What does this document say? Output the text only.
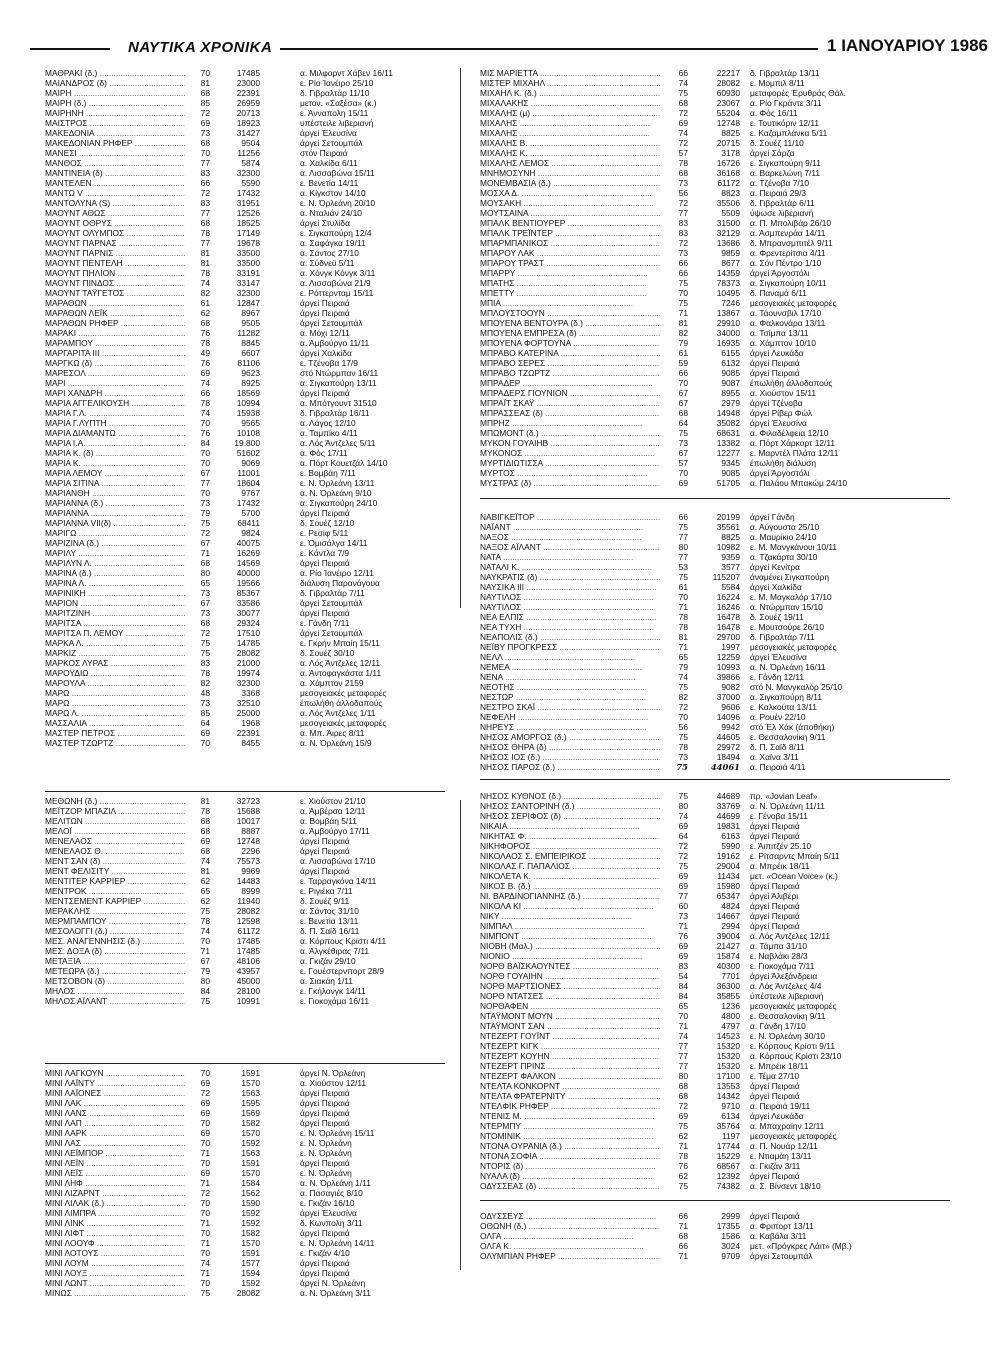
ΝΑΥΤΙΚΑ ΧΡΟΝΙΚΑ	1 ΙΑΝΟΥΑΡΙΟΥ 1986
ΜΑΘΡΑΚΙ (δ.) .....	70	17485	α. Μιλφορντ Χάβεν 16/11
ΜΑΙΑΝΔΡΟΣ (δ) .....	81	23000	ε. Ρίο Ίανέιρο 25/10
ΜΑΙΡΗ .....	68	22391	δ. Γιβραλτάρ 11/10
ΜΑΙΡΗ (δ.) .....	85	26959	μετον. «Σαξέσα» (κ.)
ΜΑΙΡΗΝΗ .....	72	20713	ε. Άνναπολη 15/11
ΜΑΙΣΤΡΟΣ .....	69	18923	υπέστειλε λιβεριανή
ΜΑΚΕΔΟΝΙΑ .....	73	31427	άργεί Έλευσίνα
ΜΑΚΕΔΟΝΙΑΝ ΡΗΦΕΡ .....	68	9504	άργεί Σετουμπάλ
ΜΑΝΕΣΙ .....	70	11256	στόν Πειραιά
ΜΑΝΘΟΣ .....	77	5874	α. Χαλκίδα 6/11
ΜΑΝΤΙΝΕΙΑ (δ) .....	83	32300	α. Λισσαβώνα 15/11
ΜΑΝΤΕΛΕΝ .....	66	5590	ε. Βενετία 14/11
ΜΑΝΤΩ V .....	72	17432	α. Κίγκστον 14/10
ΜΑΝΤΟΛΥΝΑ (S) .....	83	31951	ε. Ν. Όρλεάνη 20/10
ΜΑΟΥΝΤ ΑΘΩΣ .....	77	12526	α. Νταλιάν 24/10
ΜΑΟΥΝΤ ΟΘΡΥΣ .....	68	18525	άργεί Στυλίδα
ΜΑΟΥΝΤ ΟΛΥΜΠΟΣ .....	78	17149	ε. Σιγκαπούρη 12/4
ΜΑΟΥΝΤ ΠΑΡΝΑΣ .....	77	19678	α. Σαφάγκα 19/11
ΜΑΟΥΝΤ ΠΑΡΝΙΣ .....	81	33500	α. Σάντος 27/10
ΜΑΟΥΝΤ ΠΕΝΤΕΛΗ .....	81	33500	α. Σύδνεϋ 5/11
ΜΑΟΥΝΤ ΠΗΛΙΟΝ .....	78	33191	α. Χόνγκ Κόνγκ 3/11
ΜΑΟΥΝΤ ΠΙΝΔΟΣ .....	74	33147	α. Λισσαβώνα 21/9
ΜΑΟΥΝΤ ΤΑΫΓΕΤΟΣ .....	82	32300	ε. Ρόττερνταμ 15/11
ΜΑΡΑΘΩΝ .....	61	12847	άργεί Πειραιά
ΜΑΡΑΘΩΝ ΛΕΪΚ .....	62	8967	άργεί Πειραιά
ΜΑΡΑΘΩΝ ΡΗΦΕΡ .....	68	9505	άργεί Σετουμπάλ
ΜΑΡΑΚΙ .....	76	11282	α. Μόχι 12/11
ΜΑΡΑΜΠΟΥ .....	78	8845	α. Άμβούργο 11/11
ΜΑΡΓΑΡΙΤΑ ΙΙΙ .....	49	6607	άργεί Χαλκίδα
ΜΑΡΓΚΩ (δ) .....	76	81106	ε. Τζένοβα 17/9
ΜΑΡΕΣΟΛ .....	69	9623	στό Ντώρμπαν 16/11
ΜΑΡΙ .....	74	8925	α. Σιγκαπούρη 13/11
ΜΑΡΙ ΧΑΝΔΡΗ .....	66	18569	άργεί Πειραιά
ΜΑΡΙΑ ΑΓΓΕΛΙΚΟΥΣΗ .....	78	10994	α. Μπότγουντ 31510
ΜΑΡΙΑ Γ.Λ. .....	74	15938	δ. Γιβραλτάρ 16/11
ΜΑΡΙΑ Γ.ΛΥΠΤΗ .....	70	9565	α. Λάγος 12/10
ΜΑΡΙΑ ΔΙΑΜΑΝΤΩ .....	76	10108	α. Ταμπίκο 4/11
ΜΑΡΙΑ Ι.Α. .....	84	19.800	α. Λός Άντζελες 5/11
ΜΑΡΙΑ Κ. (δ) .....	70	51602	α. Φός 17/11
ΜΑΡΙΑ Κ. .....	70	9069	α. Πόρτ Κουετζάλ 14/10
ΜΑΡΙΑ ΛΕΜΟΥ .....	67	11001	ε. Βομβάη 7/11
ΜΑΡΙΑ ΣΙΤΙΝΑ .....	77	18604	ε. Ν. Όρλεάνη 13/11
ΜΑΡΙΑΝΘΗ .....	70	9767	α. Ν. Όρλεάνη 9/10
ΜΑΡΙΑΝΝΑ (δ.) .....	73	17432	α. Σιγκαπούρη 24/10
ΜΑΡΙΑΝΝΑ .....	79	5700	άργεί Πειραιά
ΜΑΡΙΑΝΝΑ VII(δ) .....	75	68411	δ. Σουέζ 12/10
ΜΑΡΙΓΩ .....	72	9824	ε. Ρεσίφ 5/11
ΜΑΡΙΖΙΝΑ (δ.) .....	67	40075	ε. Όμισάλγα 14/11
ΜΑΡΙΛΥ .....	71	16269	ε. Κάντλα 7/9
ΜΑΡΙΛΥΝ Λ. .....	68	14569	άργεί Πειραιά
ΜΑΡΙΝΑ (δ.) .....	80	40000	α. Ρίο Ίανέιρο 12/11
ΜΑΡΙΝΑ Λ. .....	65	19566	διάλυση Παρανάγουα
ΜΑΡΙΝΙΚΗ .....	73	85367	δ. Γιβραλτάρ 7/11
ΜΑΡΙΟΝ .....	67	33586	άργεί Σετουμπάλ
ΜΑΡΙΤΖΙΝΗ .....	73	30077	άργεί Πειραιά
ΜΑΡΙΤΣΑ .....	68	29324	ε. Γάνδη 7/11
ΜΑΡΙΤΣΑ Π. ΛΕΜΟΥ .....	72	17510	άργεί Σετουμπάλ
ΜΑΡΚΑ Λ. .....	75	14785	ε. Γκρήν Μπαίη 15/11
ΜΑΡΚΙΖ .....	75	28082	δ. Σουέζ 30/10
ΜΑΡΚΟΣ ΛΥΡΑΣ .....	83	21000	α. Λός Άντζελες 12/11
ΜΑΡΟΥΔΙΩ .....	78	19974	α. Άντοφαγκάστα 1/11
ΜΑΡΟΥΛΑ .....	82	32300	α. Χάμπτον 2159
ΜΑΡΩ .....	48	3368	μεσογειακές μεταφορές
ΜΑΡΩ .....	73	32510	έπωλήθη άλλοδαπούς
ΜΑΡΩ Λ. .....	85	25000	α. Λός Άντζελες 1/11
ΜΑΣΣΑΛΙΑ .....	64	1968	μεσογειακές μεταφορές
ΜΑΣΤΕΡ ΠΕΤΡΟΣ .....	69	22391	α. Μπ. Άιρες 8/11
ΜΑΣΤΕΡ ΤΖΩΡΤΖ .....	70	8455	α. Ν. Όρλεάνη 15/9
ΜΕΘΩΝΗ (δ.) .....	81	32723	ε. Χιούστον 21/10
ΜΕΪΤΖΟΡ ΜΠΑΖΙΛ .....	78	15688	α. Άμβέρσα 12/11
ΜΕΛΙΤΩΝ .....	68	10017	α. Βομβάη 5/11
ΜΕΛΟΪ .....	68	8887	α. Άμβούργο 17/11
ΜΕΝΕΛΑΟΣ .....	69	12748	άργεί Πειραιά
ΜΕΝΕΛΑΟΣ Θ. .....	68	2296	άργεί Πειραιά
ΜΕΝΤ ΣΑΝ (δ) .....	74	75573	α. Λισσαβώνα 17/10
ΜΕΝΤ ΦΕΛΙΣΙΤΥ .....	81	9969	άργεί Πειραιά
ΜΕΝΤΙΤΕΡ ΚΑΡΡΙΕΡ .....	62	14483	ε. Ταρραγκόνα 14/11
ΜΕΝΤΡΟΚ .....	65	8999	ε. Ριγιέκα 7/11
ΜΕΝΤΣΕΜΕΝΤ ΚΑΡΡΙΕΡ .....	62	11940	δ. Σουέζ 9/11
ΜΕΡΑΚΛΗΣ .....	75	28082	α. Σάντος 31/10
ΜΕΡΜΠΑΜΠΟΥ .....	78	12598	ε. Βενετία 13/11
ΜΕΣΟΛΟΓΓΙ (δ.) .....	74	61172	δ. Π. Σαϊδ 16/11
ΜΕΣ. ΑΝΑΓΕΝΝΗΣΙΣ (δ.) .....	70	17485	α. Κόρπους Κρίστι 4/11
ΜΕΣ. ΔΟΞΑ (δ) .....	71	17485	α. Άλγκέθιρας 7/11
ΜΕΤΑΞΙΑ .....	67	48106	α. Γκιζάν 29/10
ΜΕΤΕΩΡΑ (δ.) .....	79	43957	ε. Γουέστερνπορτ 28/9
ΜΕΤΣΟΒΟΝ (δ) .....	80	45000	α. Σιακάη 1/11
ΜΗΛΟΣ .....	84	28100	ε. Γκήλονγκ 14/11
ΜΗΛΟΣ ΑΪΛΑΝΤ .....	75	10991	ε. Γιοκοχάμα 16/11
ΜΙΝΙ ΛΑΓΚΟΥΝ .....	70	1591	άργεί Ν. Όρλεάνη
ΜΙΝΙ ΛΑΪΝΤΥ .....	69	1570	α. Χιούστον 12/11
ΜΙΝΙ ΛΑΪΟΝΕΣ .....	72	1563	άργεί Πειραιά
ΜΙΝΙ ΛΑΚ .....	69	1595	άργεί Πειραιά
ΜΙΝΙ ΛΑΝΣ .....	69	1569	άργεί Πειραιά
ΜΙΝΙ ΛΑΠ .....	70	1582	άργεί Πειραιά
ΜΙΝΙ ΛΑΡΚ .....	69	1570	ε. Ν. Όρλεάνη 15/11
ΜΙΝΙ ΛΑΣ .....	70	1592	ε. Ν. Όρλεάνη
ΜΙΝΙ ΛΕΪΜΠΟΡ .....	71	1563	ε. Ν. Όρλεάνη
ΜΙΝΙ ΛΕΪΝ .....	70	1591	άργεί Πειραιά
ΜΙΝΙ ΛΕΪΣ .....	69	1570	ε. Ν. Όρλεάνη
ΜΙΝΙ ΛΗΦ .....	71	1584	α. Ν. Όρλεάνη 1/11
ΜΙΝΙ ΛΙΖΑΡΝΤ .....	72	1562	α. Πασαγιές 8/10
ΜΙΝΙ ΛΙΛΑΚ (δ.) .....	70	1590	ε. Γκιζάν 16/10
ΜΙΝΙ ΛΙΜΠΡΑ .....	70	1592	άργεί Έλευσίνα
ΜΙΝΙ ΛΙΝΚ .....	71	1592	δ. Κωνπολη 3/11
ΜΙΝΙ ΛΙΦΤ .....	70	1582	άργεί Πειραιά
ΜΙΝΙ ΛΟΟΥΦ .....	71	1570	ε. Ν. Όρλεάνη 14/11
ΜΙΝΙ ΛΟΤΟΥΣ .....	70	1591	ε. Γκιζάν 4/10
ΜΙΝΙ ΛΟΥΜ .....	74	1577	άργεί Πειραιά
ΜΙΝΙ ΛΟΥΞ .....	71	1594	άργεί Πειραιά
ΜΙΝΙ ΛΩΝΤ .....	70	1592	άργεί Ν. Όρλεάνη
ΜΙΝΩΣ .....	75	28082	α. Ν. Όρλεάνη 3/11
ΜΙΣ ΜΑΡΙΕΤΤΑ .....	66	22217 δ. Γιβραλτάρ 13/11
ΜΙΣΤΕΡ ΜΙΧΑΗΛ .....	74	28082 ε. Μομπιλ 8/11
ΜΙΧΑΗΛ Κ. (δ.) .....	75	60930 μεταφορές Έρυθράς Θάλ.
ΜΙΧΑΛΑΚΗΣ .....	68	23067 α. Ρίο Γκράντε 3/11
ΜΙΧΑΛΗΣ (μ) .....	72	55204 α. Φός 16/11
ΜΙΧΑΛΗΣ .....	69	12748 ε. Τουτικόριν 12/11
ΜΙΧΑΛΗΣ .....	74	8825 ε. Καζαμπλάνκα 5/11
ΜΙΧΑΛΗΣ Β. .....	72	20715 δ. Σουέζ 11/10
ΜΙΧΑΛΗΣ Κ. .....	57	3178 άργεί Σάρζα
ΜΙΧΑΛΗΣ ΛΕΜΟΣ .....	78	16726 ε. Σιγκαπούρη 9/11
ΜΝΗΜΟΣΥΝΗ .....	68	36168 α. Βαρκελώνη 7/11
ΜΟΝΕΜΒΑΣΙΑ (δ.) .....	73	61172 α. Τζένοβα 7/10
ΜΟΣΧΑ Δ. .....	56	8823 α. Πειραιά 29/3
ΜΟΥΣΑΚΗ .....	72	35506 δ. Γιβραλτάρ 6/11
ΜΟΥΤΣΑΙΝΑ .....	77	5509 ύψωσε λιβεριανή
ΜΠΑΛΚ ΒΕΝΤΙΟΥΡΕΡ .....	83	31500 α. Π. Μπολιβάρ 26/10
ΜΠΑΛΚ ΤΡΕΪΝΤΕΡ .....	83	32129 α. Άσμπενράα 14/11
ΜΠΑΡΜΠΑΝΙΚΟΣ .....	72	13686 δ. Μπρανσμπιτέλ 9/11
ΜΠΑΡΟΥ ΛΑΚ .....	73	9859 α. Φρεντερίτσια 4/11
ΜΠΑΡΟΥ ΤΡΑΣΤ .....	66	8677 α. Σόν Πέντρο 1/10
ΜΠΑΡΡΥ .....	66	14359 άργεί Άργοστόλι
ΜΠΑΤΗΣ .....	75	78373 α. Σιγκαπούρη 10/11
ΜΠΕΤΤΥ .....	70	10495 δ. Παναμά 6/11
ΜΠΙΑ .....	75	7246 μεσογειακές μεταφορές
ΜΠΛΟΥΣΤΟΟΥΝ .....	71	13867 α. Τάουνσβιλ 17/10
ΜΠΟΥΕΝΑ ΒΕΝΤΟΥΡΑ (δ.) .....	81	29910 α. Φαλκονάρα 13/11
ΜΠΟΥΕΝΑ ΕΜΠΡΕΣΑ (δ) .....	82	34000 α. Τσίμπα 13/11
ΜΠΟΥΕΝΑ ΦΟΡΤΟΥΝΑ .....	79	16935 α. Χάμπτον 10/10
ΜΠΡΑΒΟ ΚΑΤΕΡΙΝΑ .....	61	6155 άργεί Λευκάδα
ΜΠΡΑΒΟ ΣΕΡΕΣ .....	59	6132 άργεί Πειραιά
ΜΠΡΑΒΟ ΤΖΩΡΤΖ .....	66	9085 άργεί Πειραιά
ΜΠΡΑΔΕΡ .....	70	9087 έπωλήθη άλλοδαπούς
ΜΠΡΑΔΕΡΣ ΓΙΟΥΝΙΟΝ .....	67	8955 α. Χιούστον 15/11
ΜΠΡΑΪΤ ΣΚΑΫ .....	67	2979 άργεί Τζένοβα
ΜΠΡΑΣΣΕΑΣ (δ) .....	68	14948 άργεί Ρίβερ Φώλ
ΜΠΡΗΖ .....	64	35082 άργεί Έλευσίνα
ΜΠΩΜΟΝΤ (δ.) .....	75	68631 α. Φιλαδέλφεια 12/10
ΜΥΚΟΝ ΓΟΥΑΙΗΒ .....	73	13382 α. Πόρτ Χάρκορτ 12/11
ΜΥΚΟΝΟΣ .....	67	12277 ε. Μαρντέλ Πλάτα 12/11
ΜΥΡΤΙΔΙΩΤΙΣΣΑ .....	57	9345 έπωλήθη διάλυση
ΜΥΡΤΟΣ .....	70	9085 άργεί Άργοστόλι
ΜΥΣΤΡΑΣ (δ) .....	69	51705 α. Παλάου Μπακώμ 24/10
ΝΑΒΙΓΚΕΪΤΟΡ .....	66	20199 άργεί Γάνδη
ΝΑΪΑΝΤ .....	75	35561 α. Αύγουστα 25/10
ΝΑΞΟΣ .....	77	8825 α. Μαυρίκιο 24/10
ΝΑΞΟΣ ΑΪΛΑΝΤ .....	80	10982 ε. Μ. Μανγκάνουι 10/11
ΝΑΤΑ .....	77	9359 α. Τζακάρτα 30/10
ΝΑΤΑΛΙ Κ. .....	53	3577 άργεί Κενίτρα
ΝΑΥΚΡΑΤΙΣ (δ) .....	75	115207 άναμένει Σιγκαπούρη
ΝΑΥΣΙΚΑ ΙΙΙ .....	61	5584 άργεί Χαλκίδα
ΝΑΥΤΙΛΟΣ .....	70	16224 ε. Μ. Μαγκαλόρ 17/10
ΝΑΥΤΙΛΟΣ .....	71	16246 α. Ντώρμπαν 15/10
ΝΕΑ ΕΛΠΙΣ .....	78	16478 δ. Σουέζ 19/11
ΝΕΑ ΤΥΧΗ .....	78	16478 ε. Μουτσούρε 26/10
ΝΕΑΠΟΛΙΣ (δ.) .....	81	29700 δ. Γιβραλτάρ 7/11
ΝΕΪΒΥ ΠΡΟΓΚΡΕΣΣ .....	71	1997 μεσογειακές μεταφορές
ΝΕΛΛ .....	65	12259 άργεί Έλευσίνα
ΝΕΜΕΑ .....	79	10993 α. Ν. Όρλεάνη 16/11
ΝΕΝΑ .....	74	39866 ε. Γάνδη 12/11
ΝΕΟΤΗΣ .....	75	9082 στό Ν. Μανγκαλόρ 25/10
ΝΕΣΤΩΡ .....	82	37000 α. Σιγκαπούρη 8/11
ΝΕΣΤΡΟ ΣΚΑΪ .....	72	9606 ε. Καλκούτα 13/11
ΝΕΦΕΛΗ .....	70	14096 α. Ρουέν 22/10
ΝΗΡΕΥΣ .....	56	9942 στό Έλ Χάκ (άποθήκη)
ΝΗΣΟΣ ΑΜΟΡΓΟΣ (δ.) .....	75	44605 ε. Θεσσαλονίκη 9/11
ΝΗΣΟΣ ΘΗΡΑ (δ) .....	78	29972 δ. Π. Σαϊδ 8/11
ΝΗΣΟΣ ΙΟΣ (δ.) .....	73	18494 α. Χαϊνα 3/11
ΝΗΣΟΣ ΠΑΡΟΣ (δ.) .....	75	44061 α. Πειραιά 4/11
ΝΗΣΟΣ ΚΥΘΝΟΣ (δ.) .....	75	44689 πρ. «Jovian Leaf»
ΝΗΣΟΣ ΣΑΝΤΟΡΙΝΗ (δ.) .....	80	33769 α. Ν. Όρλεάνη 11/11
ΝΗΣΟΣ ΣΕΡΙΦΟΣ (δ) .....	74	44699 ε. Γένοβα 15/11
ΝΙΚΑΙΑ .....	69	19831 άργεί Πειραιά
ΝΙΚΗΤΑΣ Φ. .....	64	6163 άργεί Πειραιά
ΝΙΚΗΦΟΡΟΣ .....	72	5990 ε. Άιπιτζέν 25.10
ΝΙΚΟΛΑΟΣ Σ. ΕΜΠΕΙΡΙΚΟΣ .....	72	19162 ε. Ρίτσαρντς Μπαίη 5/11
ΝΙΚΟΛΑΣ Γ. ΠΑΠΑΛΙΟΣ .....	75	29004 α. Μπρέικ 18/11
ΝΙΚΟΛΕΤΑ Κ. .....	69	11434 μετ. «Ocean Voice» (κ.)
ΝΙΚΟΣ Β. (δ.) .....	69	15980 άργεί Πειραιά
ΝΙ. ΒΑΡΔΙΝΟΓΙΑΝΝΗΣ (δ.) .....	77	65347 άργεί Άλιβέρι
ΝΙΚΟΛΑ ΚΙ .....	60	4824 άργεί Πειραιά
ΝΙΚΥ .....	73	14667 άργεί Πειραιά
ΝΙΜΠΑΛ .....	71	2994 άργεί Πειραιά
ΝΙΜΠΟΝΤ .....	76	39004 α. Λός Άντζελες 12/11
ΝΙΟΒΗ (Μαλ.) .....	69	21427 α. Τάμπα 31/10
ΝΙΟΝΙΟ .....	69	15874 ε. Ναβλάκι 28/3
ΝΟΡΘ ΒΑΪΣΚΑΟΥΝΤΕΣ .....	83	40300 ε. Γιοκοχάμα 7/11
ΝΟΡΘ ΓΟΥΑΙΗΝ .....	54	7701 άργεί Άλεξάνδρεια
ΝΟΡΘ ΜΑΡΤΣΙΟΝΕΣ .....	84	36300 α. Λός Άντζελες 4/4
ΝΟΡΘ ΝΤΑΤΣΕΣ .....	84	35855 ύπέστειλε λιβεριανή
ΝΟΡΘΑΦΕΝ .....	65	1236 μεσογειακές μεταφορές
ΝΤΑΫΜΟΝΤ ΜΟΥΝ .....	70	4800 ε. Θεσσαλονίκη 9/11
ΝΤΑΫΜΟΝΤ ΣΑΝ .....	71	4797 α. Γάνδη 17/10
ΝΤΕΖΕΡΤ ΓΟΥΪΝΤ .....	74	14523 ε. Ν. Όρλεάνη 30/10
ΝΤΕΖΕΡΤ ΚΙΓΚ .....	77	15320 ε. Κόρπους Κρίστι 9/11
ΝΤΕΖΕΡΤ ΚΟΥΗΝ .....	77	15320 α. Κόρπους Κρίστι 23/10
ΝΤΕΖΕΡΤ ΠΡΙΝΣ .....	77	15320 ε. Μπρέικ 18/11
ΝΤΕΖΕΡΤ ΦΑΛΚΟΝ .....	80	17100 ε. Τέμα 27/10
ΝΤΕΛΤΑ ΚΟΝΚΟΡΝΤ .....	68	13553 άργεί Πειραιά
ΝΤΕΛΤΑ ΦΡΑΤΕΡΝΙΤΥ .....	68	14342 άργεί Πειραιά
ΝΤΕΛΦΙΚ ΡΗΦΕΡ .....	72	9710 α. Πειραιά 19/11
ΝΤΕΝΙΣ Μ. .....	69	6134 άργεί Λευκάδα
ΝΤΕΡΜΠΥ .....	75	35764 α. Μπαχραίην 12/11
ΝΤΟΜΙΝΙΚ .....	62	1197 μεσογειακές μεταφορές
ΝΤΟΝΑ ΟΥΡΑΝΙΑ (δ.) .....	71	17744 α. Π. Νουάρ 12/11
ΝΤΟΝΑ ΣΟΦΙΑ .....	78	15229 ε. Ντιαμάη 13/11
ΝΤΟΡΙΣ (δ) .....	76	68567 α. Γκιζάν 3/11
ΝΥΑΛΑ (δ) .....	62	12392 άργεί Πειραιά
ΟΔΥΣΣΕΑΣ (δ) .....	75	74382 α. Σ. Βίνσεντ 18/10
ΟΔΥΣΣΕΥΣ .....	66	2999 άργεί Πειραιά
ΟΘΩΝΗ (δ.) .....	71	17355 α. Φριπορτ 13/11
ΟΛΓΑ .....	68	1586 α. Καβάλα 3/11
ΟΛΓΑ Κ. .....	66	3024 μετ. «Πρόγκρες Λάιτ» (Μβ.)
ΟΛΥΜΠΙΑΝ ΡΗΦΕΡ .....	71	9709 άργεί Σετουμπάλ
